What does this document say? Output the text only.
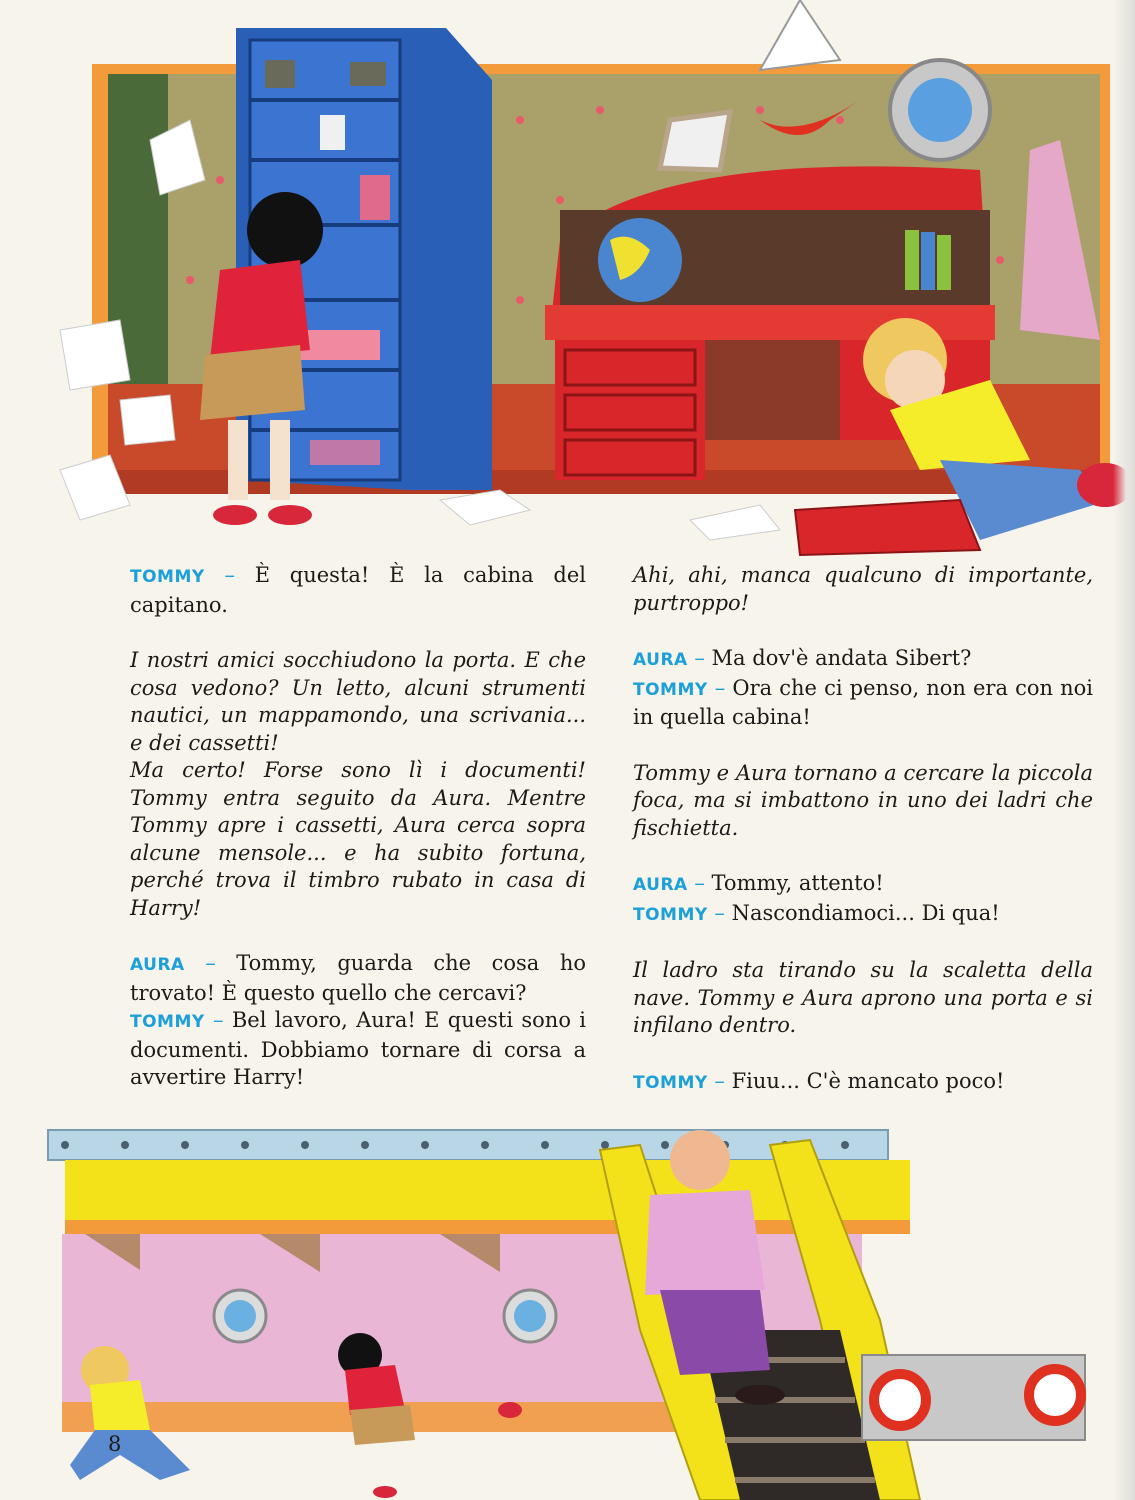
TOMMY – È questa! È la cabina del capitano.

I nostri amici socchiudono la porta. E che cosa vedono? Un letto, alcuni strumenti nautici, un mappamondo, una scrivania... e dei cassetti!

Ma certo! Forse sono lì i documenti! Tommy entra seguito da Aura. Mentre Tommy apre i cassetti, Aura cerca sopra alcune mensole... e ha subito fortuna, perché trova il timbro rubato in casa di Harry!

AURA – Tommy, guarda che cosa ho trovato! È questo quello che cercavi?

TOMMY – Bel lavoro, Aura! E questi sono i documenti. Dobbiamo tornare di corsa a avvertire Harry!

Ahi, ahi, manca qualcuno di importante, purtroppo!

AURA – Ma dov'è andata Sibert?

TOMMY – Ora che ci penso, non era con noi in quella cabina!

Tommy e Aura tornano a cercare la piccola foca, ma si imbattono in uno dei ladri che fischietta.

AURA – Tommy, attento!

TOMMY – Nascondiamoci... Di qua!

Il ladro sta tirando su la scaletta della nave. Tommy e Aura aprono una porta e si infilano dentro.

TOMMY – Fiuu... C'è mancato poco!

8
